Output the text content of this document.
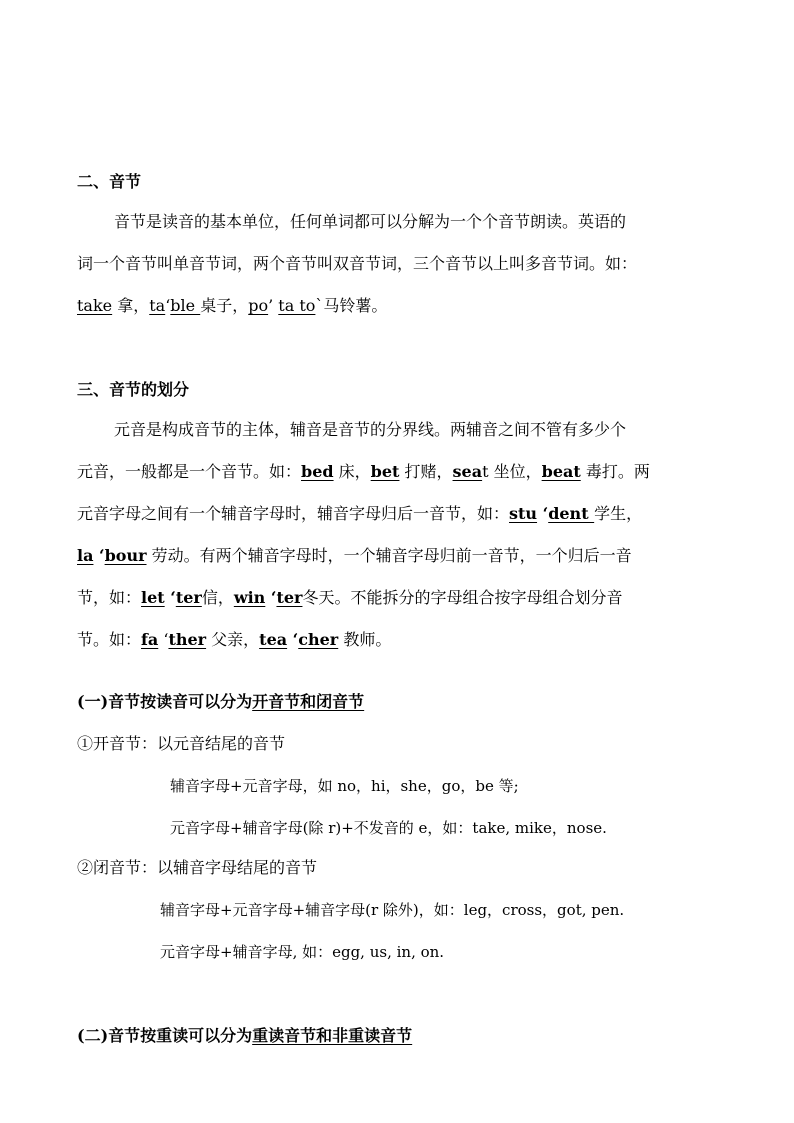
二、音节
音节是读音的基本单位，任何单词都可以分解为一个个音节朗读。英语的
词一个音节叫单音节词，两个音节叫双音节词，三个音节以上叫多音节词。如：
take 拿，ta‘ble 桌子，po’ ta to`马铃薯。
三、音节的划分
元音是构成音节的主体，辅音是音节的分界线。两辅音之间不管有多少个
元音，一般都是一个音节。如：bed 床，bet 打赌，seat 坐位，beat 毒打。两
元音字母之间有一个辅音字母时，辅音字母归后一音节，如：stu ‘dent 学生，
la ‘bour 劳动。有两个辅音字母时，一个辅音字母归前一音节，一个归后一音
节，如：let ‘ter信，win ‘ter冬天。不能拆分的字母组合按字母组合划分音
节。如：fa ‘ther 父亲，tea ‘cher 教师。
(一)音节按读音可以分为开音节和闭音节
①开音节：以元音结尾的音节
辅音字母+元音字母，如 no，hi，she，go，be 等;
元音字母+辅音字母(除 r)+不发音的 e，如：take, mike，nose.
②闭音节：以辅音字母结尾的音节
辅音字母+元音字母+辅音字母(r 除外)，如：leg，cross，got, pen.
元音字母+辅音字母, 如：egg, us, in, on.
(二)音节按重读可以分为重读音节和非重读音节
